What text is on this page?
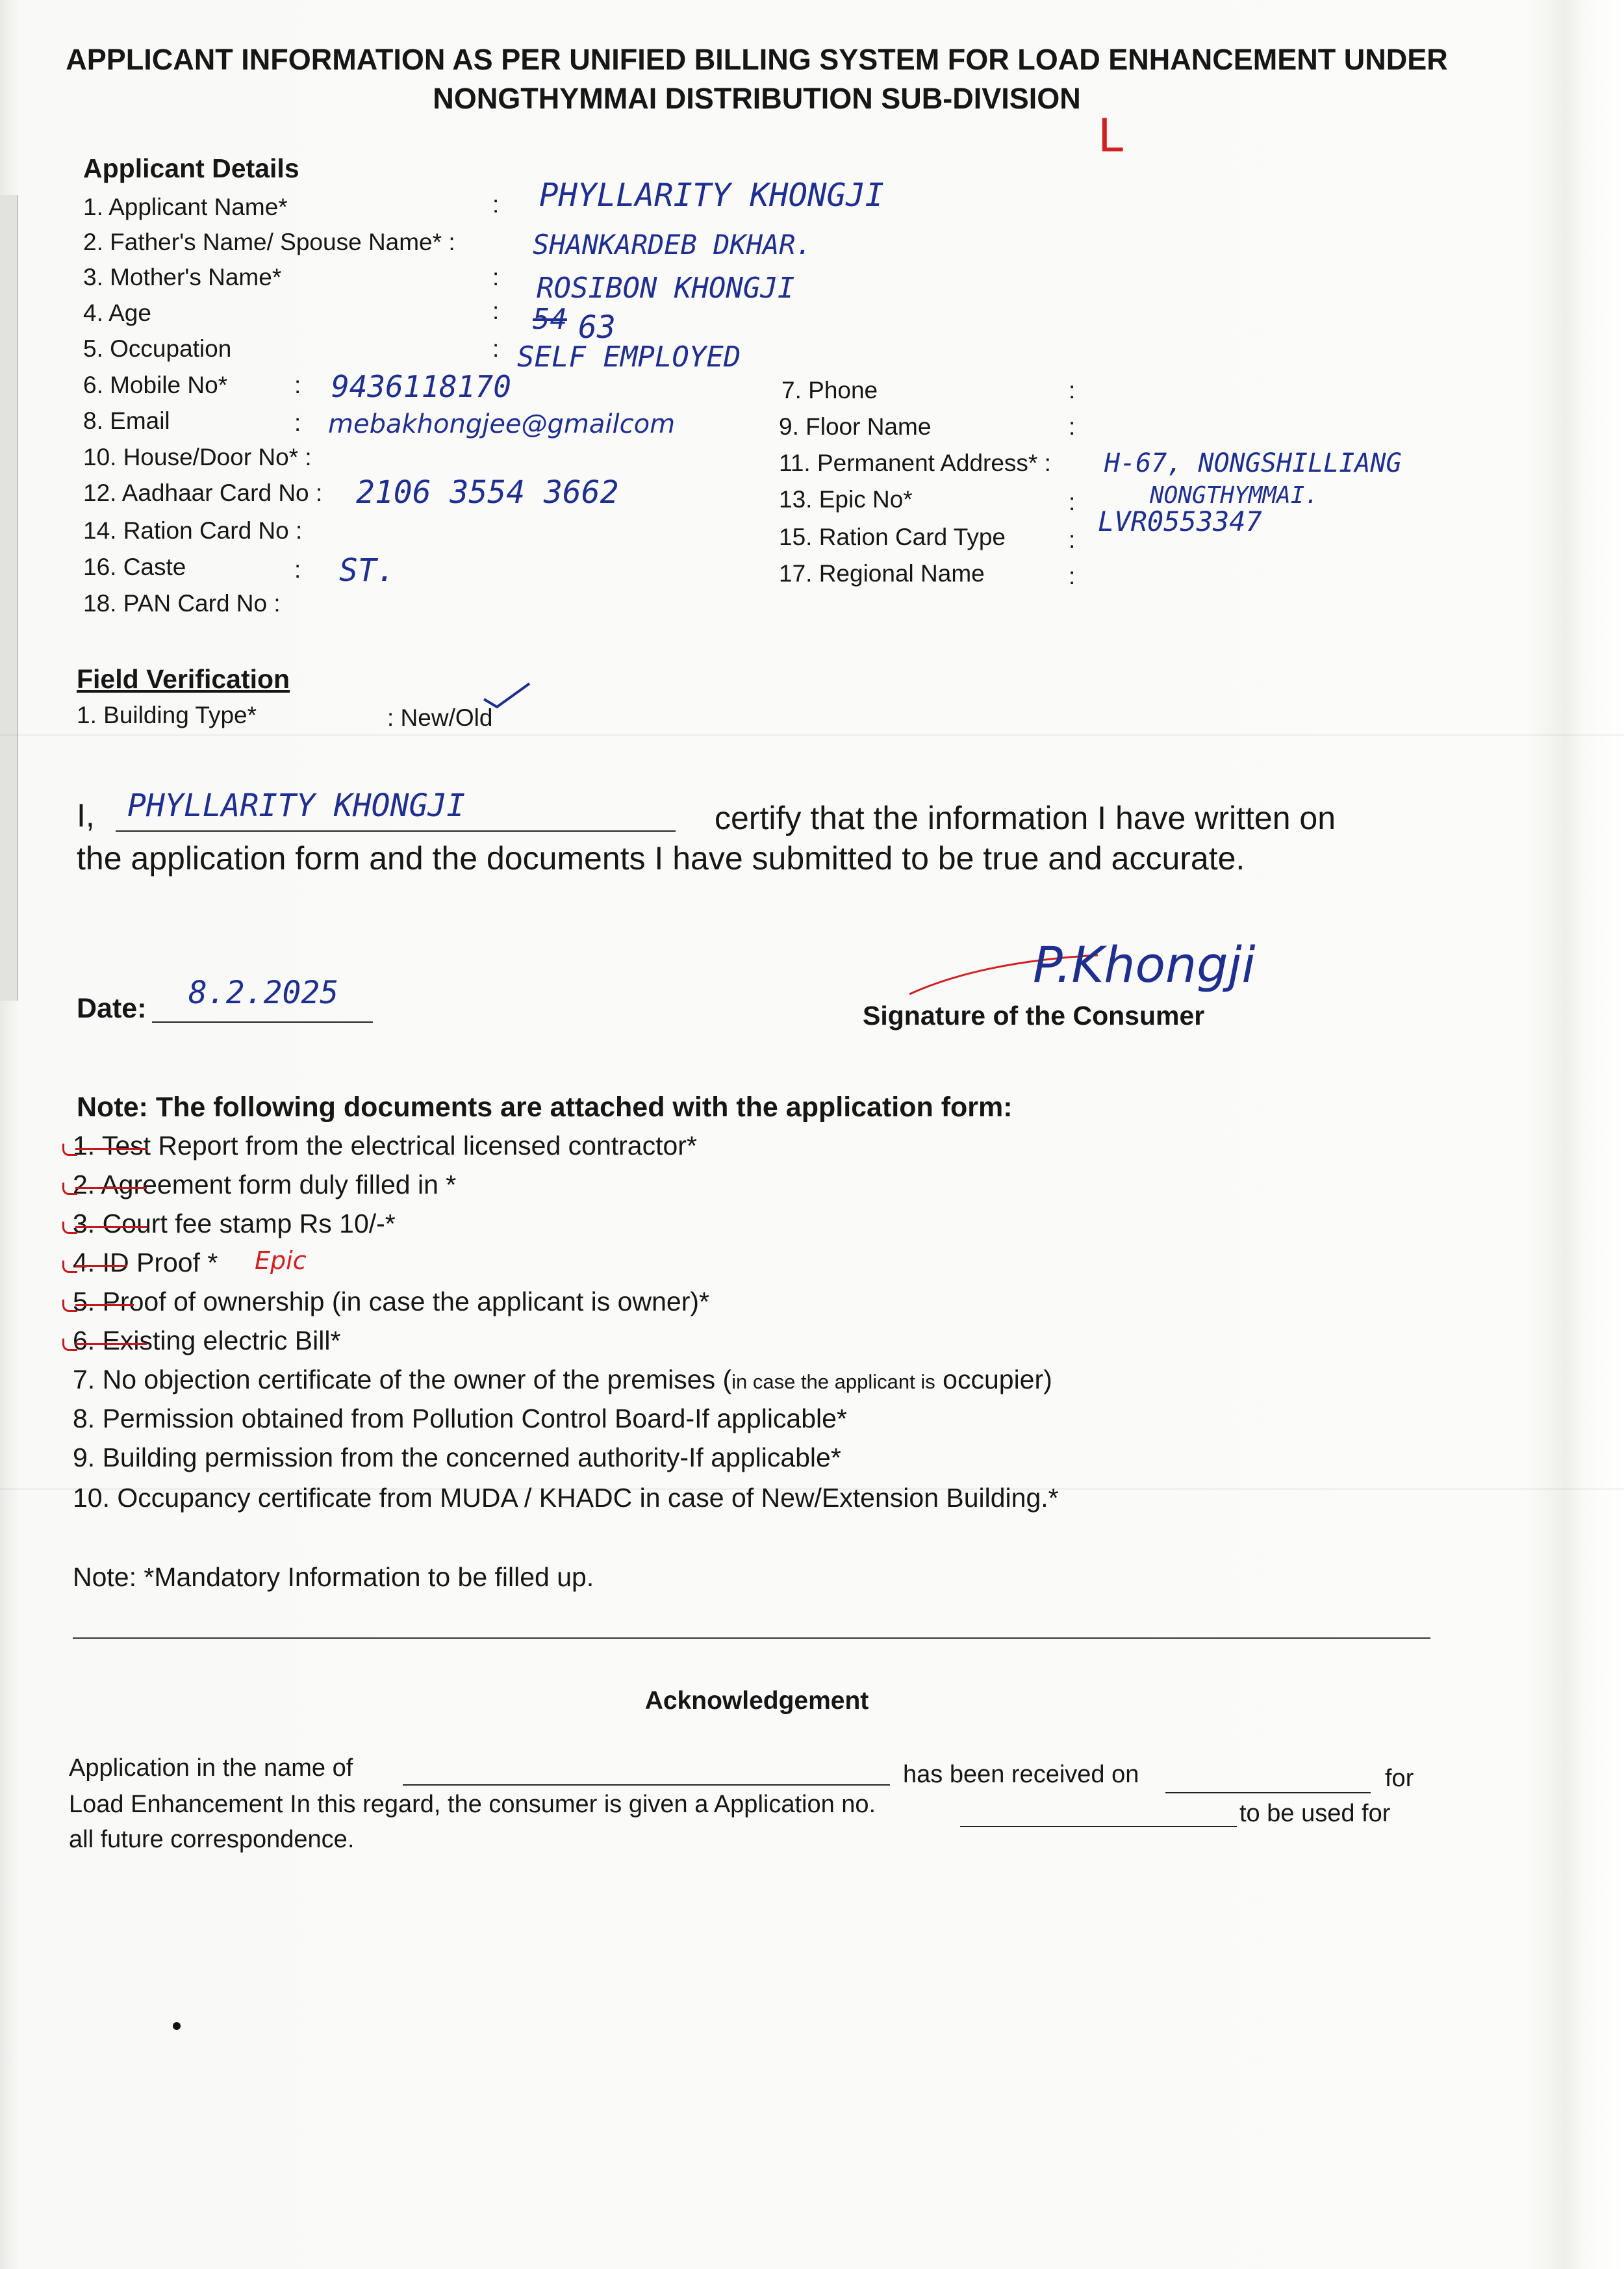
APPLICANT INFORMATION AS PER UNIFIED BILLING SYSTEM FOR LOAD ENHANCEMENT UNDER
NONGTHYMMAI DISTRIBUTION SUB-DIVISION
L
Applicant Details
1. Applicant Name*	: PHYLLARITY KHONGJI
2. Father's Name/ Spouse Name* :	SHANKARDEB DKHAR.
3. Mother's Name*	: ROSIBON KHONGJI
4. Age	: 54 63
5. Occupation	: SELF EMPLOYED
6. Mobile No*	: 9436118170	7. Phone	:
8. Email	: mebakhongjee@gmailcom	9. Floor Name	:
10. House/Door No* :	11. Permanent Address* : H-67, NONGSHILLIANG
NONGTHYMMAI.
12. Aadhaar Card No : 2106 3554 3662	13. Epic No*	:
LVR0553347
14. Ration Card No :	15. Ration Card Type	:
16. Caste	: ST.	17. Regional Name	:
18. PAN Card No :
Field Verification
1. Building Type*	: New/Old
I, PHYLLARITY KHONGJI	certify that the information I have written on
the application form and the documents I have submitted to be true and accurate.
Date: 8.2.2025	P.Khongji
Signature of the Consumer
Note: The following documents are attached with the application form:
1. Test Report from the electrical licensed contractor*
2. Agreement form duly filled in *
3. Court fee stamp Rs 10/-*
4. ID Proof * Epic
5. Proof of ownership (in case the applicant is owner)*
6. Existing electric Bill*
7. No objection certificate of the owner of the premises (in case the applicant is occupier)
8. Permission obtained from Pollution Control Board-If applicable*
9. Building permission from the concerned authority-If applicable*
10. Occupancy certificate from MUDA / KHADC in case of New/Extension Building.*
Note: *Mandatory Information to be filled up.
Acknowledgement
Application in the name of	has been received on	for
Load Enhancement In this regard, the consumer is given a Application no.	to be used for
all future correspondence.
